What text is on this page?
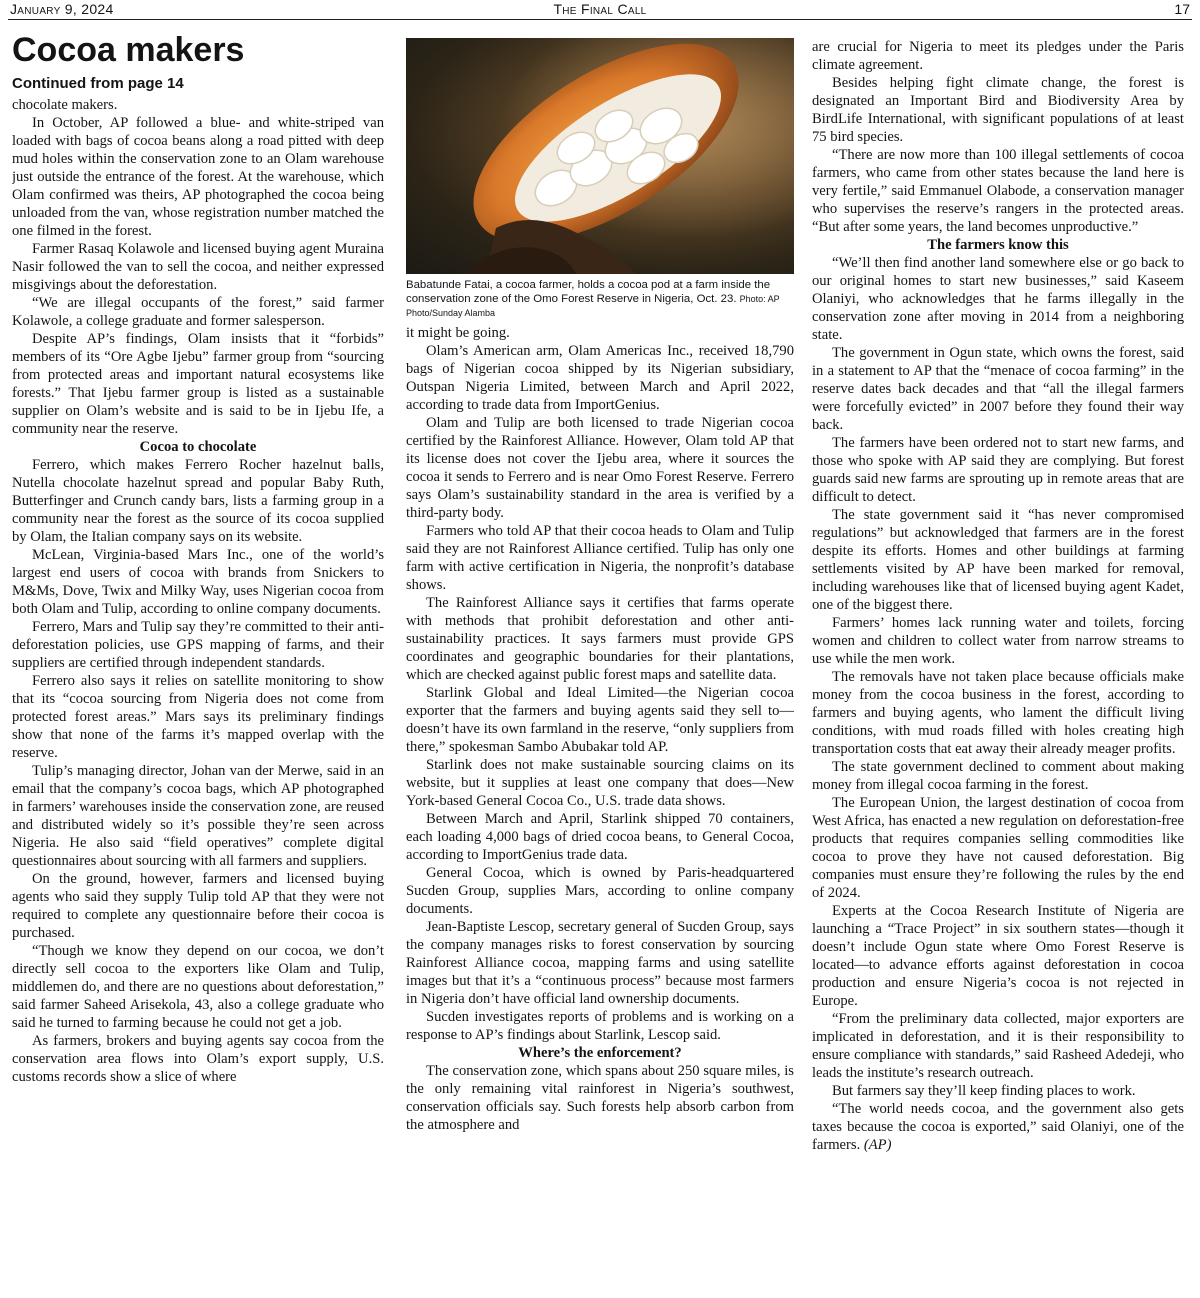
January 9, 2024	The Final Call	17
Cocoa makers
Continued from page 14
chocolate makers.
In October, AP followed a blue- and white-striped van loaded with bags of cocoa beans along a road pitted with deep mud holes within the conservation zone to an Olam warehouse just outside the entrance of the forest. At the warehouse, which Olam confirmed was theirs, AP photographed the cocoa being unloaded from the van, whose registration number matched the one filmed in the forest.
Farmer Rasaq Kolawole and licensed buying agent Muraina Nasir followed the van to sell the cocoa, and neither expressed misgivings about the deforestation.
“We are illegal occupants of the forest,” said farmer Kolawole, a college graduate and former salesperson.
Despite AP’s findings, Olam insists that it “forbids” members of its “Ore Agbe Ijebu” farmer group from “sourcing from protected areas and important natural ecosystems like forests.” That Ijebu farmer group is listed as a sustainable supplier on Olam’s website and is said to be in Ijebu Ife, a community near the reserve.
Cocoa to chocolate
Ferrero, which makes Ferrero Rocher hazelnut balls, Nutella chocolate hazelnut spread and popular Baby Ruth, Butterfinger and Crunch candy bars, lists a farming group in a community near the forest as the source of its cocoa supplied by Olam, the Italian company says on its website.
McLean, Virginia-based Mars Inc., one of the world’s largest end users of cocoa with brands from Snickers to M&Ms, Dove, Twix and Milky Way, uses Nigerian cocoa from both Olam and Tulip, according to online company documents.
Ferrero, Mars and Tulip say they’re committed to their anti-deforestation policies, use GPS mapping of farms, and their suppliers are certified through independent standards.
Ferrero also says it relies on satellite monitoring to show that its “cocoa sourcing from Nigeria does not come from protected forest areas.” Mars says its preliminary findings show that none of the farms it’s mapped overlap with the reserve.
Tulip’s managing director, Johan van der Merwe, said in an email that the company’s cocoa bags, which AP photographed in farmers’ warehouses inside the conservation zone, are reused and distributed widely so it’s possible they’re seen across Nigeria. He also said “field operatives” complete digital questionnaires about sourcing with all farmers and suppliers.
On the ground, however, farmers and licensed buying agents who said they supply Tulip told AP that they were not required to complete any questionnaire before their cocoa is purchased.
“Though we know they depend on our cocoa, we don’t directly sell cocoa to the exporters like Olam and Tulip, middlemen do, and there are no questions about deforestation,” said farmer Saheed Arisekola, 43, also a college graduate who said he turned to farming because he could not get a job.
As farmers, brokers and buying agents say cocoa from the conservation area flows into Olam’s export supply, U.S. customs records show a slice of where
Babatunde Fatai, a cocoa farmer, holds a cocoa pod at a farm inside the conservation zone of the Omo Forest Reserve in Nigeria, Oct. 23. Photo: AP Photo/Sunday Alamba
it might be going.
Olam’s American arm, Olam Americas Inc., received 18,790 bags of Nigerian cocoa shipped by its Nigerian subsidiary, Outspan Nigeria Limited, between March and April 2022, according to trade data from ImportGenius.
Olam and Tulip are both licensed to trade Nigerian cocoa certified by the Rainforest Alliance. However, Olam told AP that its license does not cover the Ijebu area, where it sources the cocoa it sends to Ferrero and is near Omo Forest Reserve. Ferrero says Olam’s sustainability standard in the area is verified by a third-party body.
Farmers who told AP that their cocoa heads to Olam and Tulip said they are not Rainforest Alliance certified. Tulip has only one farm with active certification in Nigeria, the nonprofit’s database shows.
The Rainforest Alliance says it certifies that farms operate with methods that prohibit deforestation and other anti-sustainability practices. It says farmers must provide GPS coordinates and geographic boundaries for their plantations, which are checked against public forest maps and satellite data.
Starlink Global and Ideal Limited—the Nigerian cocoa exporter that the farmers and buying agents said they sell to—doesn’t have its own farmland in the reserve, “only suppliers from there,” spokesman Sambo Abubakar told AP.
Starlink does not make sustainable sourcing claims on its website, but it supplies at least one company that does—New York-based General Cocoa Co., U.S. trade data shows.
Between March and April, Starlink shipped 70 containers, each loading 4,000 bags of dried cocoa beans, to General Cocoa, according to ImportGenius trade data.
General Cocoa, which is owned by Paris-headquartered Sucden Group, supplies Mars, according to online company documents.
Jean-Baptiste Lescop, secretary general of Sucden Group, says the company manages risks to forest conservation by sourcing Rainforest Alliance cocoa, mapping farms and using satellite images but that it’s a “continuous process” because most farmers in Nigeria don’t have official land ownership documents.
Sucden investigates reports of problems and is working on a response to AP’s findings about Starlink, Lescop said.
Where’s the enforcement?
The conservation zone, which spans about 250 square miles, is the only remaining vital rainforest in Nigeria’s southwest, conservation officials say. Such forests help absorb carbon from the atmosphere and
are crucial for Nigeria to meet its pledges under the Paris climate agreement.
Besides helping fight climate change, the forest is designated an Important Bird and Biodiversity Area by BirdLife International, with significant populations of at least 75 bird species.
“There are now more than 100 illegal settlements of cocoa farmers, who came from other states because the land here is very fertile,” said Emmanuel Olabode, a conservation manager who supervises the reserve’s rangers in the protected areas. “But after some years, the land becomes unproductive.”
The farmers know this
“We’ll then find another land somewhere else or go back to our original homes to start new businesses,” said Kaseem Olaniyi, who acknowledges that he farms illegally in the conservation zone after moving in 2014 from a neighboring state.
The government in Ogun state, which owns the forest, said in a statement to AP that the “menace of cocoa farming” in the reserve dates back decades and that “all the illegal farmers were forcefully evicted” in 2007 before they found their way back.
The farmers have been ordered not to start new farms, and those who spoke with AP said they are complying. But forest guards said new farms are sprouting up in remote areas that are difficult to detect.
The state government said it “has never compromised regulations” but acknowledged that farmers are in the forest despite its efforts. Homes and other buildings at farming settlements visited by AP have been marked for removal, including warehouses like that of licensed buying agent Kadet, one of the biggest there.
Farmers’ homes lack running water and toilets, forcing women and children to collect water from narrow streams to use while the men work.
The removals have not taken place because officials make money from the cocoa business in the forest, according to farmers and buying agents, who lament the difficult living conditions, with mud roads filled with holes creating high transportation costs that eat away their already meager profits.
The state government declined to comment about making money from illegal cocoa farming in the forest.
The European Union, the largest destination of cocoa from West Africa, has enacted a new regulation on deforestation-free products that requires companies selling commodities like cocoa to prove they have not caused deforestation. Big companies must ensure they’re following the rules by the end of 2024.
Experts at the Cocoa Research Institute of Nigeria are launching a “Trace Project” in six southern states—though it doesn’t include Ogun state where Omo Forest Reserve is located—to advance efforts against deforestation in cocoa production and ensure Nigeria’s cocoa is not rejected in Europe.
“From the preliminary data collected, major exporters are implicated in deforestation, and it is their responsibility to ensure compliance with standards,” said Rasheed Adedeji, who leads the institute’s research outreach.
But farmers say they’ll keep finding places to work.
“The world needs cocoa, and the government also gets taxes because the cocoa is exported,” said Olaniyi, one of the farmers. (AP)
